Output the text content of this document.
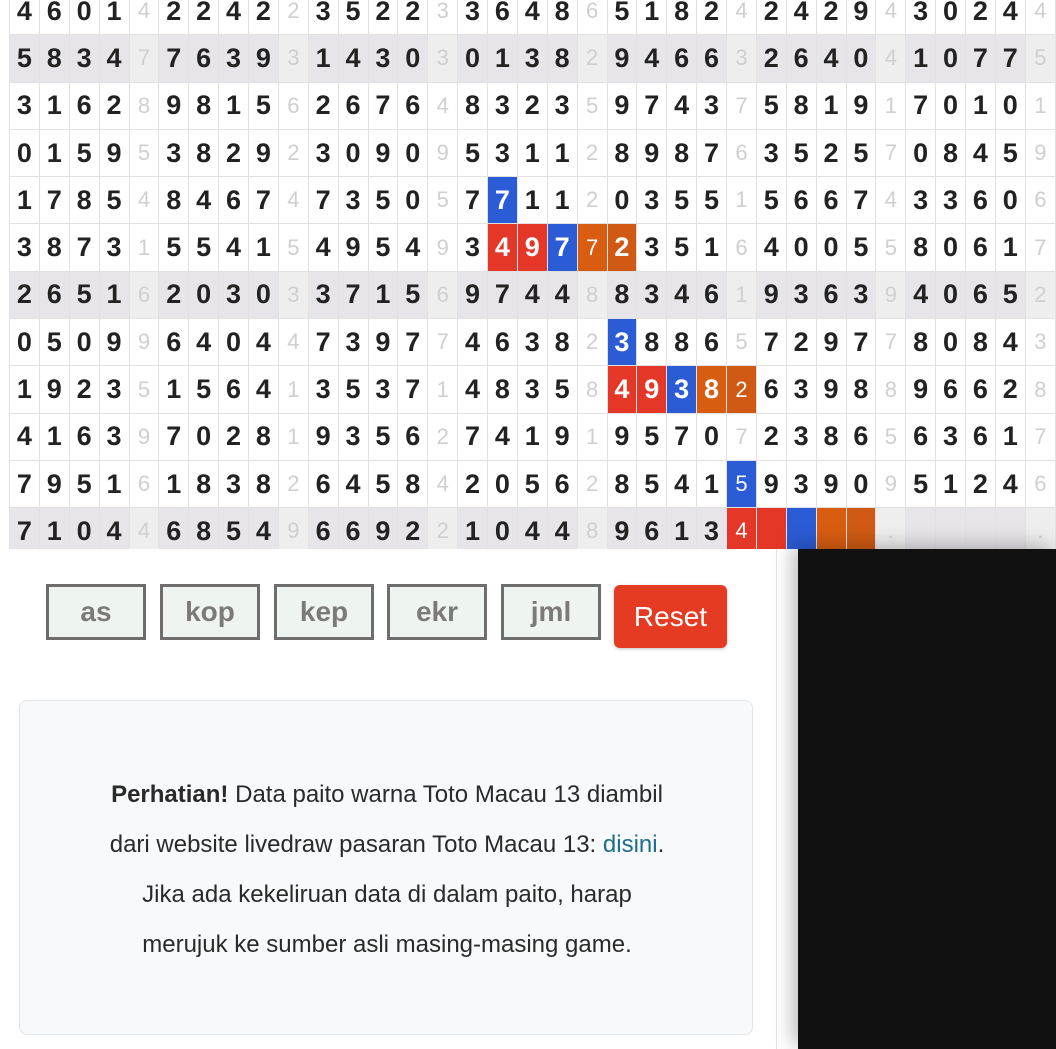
4	6	0	1	4	2	2	4	2	2	3	5	2	2	3	3	6	4	8	6	5	1	8	2	4	2	4	2	9	4	3	0	2	4	4
5	8	3	4	7	7	6	3	9	3	1	4	3	0	3	0	1	3	8	2	9	4	6	6	3	2	6	4	0	4	1	0	7	7	5
3	1	6	2	8	9	8	1	5	6	2	6	7	6	4	8	3	2	3	5	9	7	4	3	7	5	8	1	9	1	7	0	1	0	1
0	1	5	9	5	3	8	2	9	2	3	0	9	0	9	5	3	1	1	2	8	9	8	7	6	3	5	2	5	7	0	8	4	5	9
1	7	8	5	4	8	4	6	7	4	7	3	5	0	5	7	7	1	1	2	0	3	5	5	1	5	6	6	7	4	3	3	6	0	6
3	8	7	3	1	5	5	4	1	5	4	9	5	4	9	3	4	9	7	7	2	3	5	1	6	4	0	0	5	5	8	0	6	1	7
2	6	5	1	6	2	0	3	0	3	3	7	1	5	6	9	7	4	4	8	8	3	4	6	1	9	3	6	3	9	4	0	6	5	2
0	5	0	9	9	6	4	0	4	4	7	3	9	7	7	4	6	3	8	2	3	8	8	6	5	7	2	9	7	7	8	0	8	4	3
1	9	2	3	5	1	5	6	4	1	3	5	3	7	1	4	8	3	5	8	4	9	3	8	2	6	3	9	8	8	9	6	6	2	8
4	1	6	3	9	7	0	2	8	1	9	3	5	6	2	7	4	1	9	1	9	5	7	0	7	2	3	8	6	5	6	3	6	1	7
7	9	5	1	6	1	8	3	8	2	6	4	5	8	4	2	0	5	6	2	8	5	4	1	5	9	3	9	0	9	5	1	2	4	6
7	1	0	4	4	6	8	5	4	9	6	6	9	2	2	1	0	4	4	8	9	6	1	3	4					.					.
as
kop
kep
ekr
jml
Reset
Perhatian! Data paito warna Toto Macau 13 diambil
dari website livedraw pasaran Toto Macau 13: disini.
Jika ada kekeliruan data di dalam paito, harap
merujuk ke sumber asli masing-masing game.
